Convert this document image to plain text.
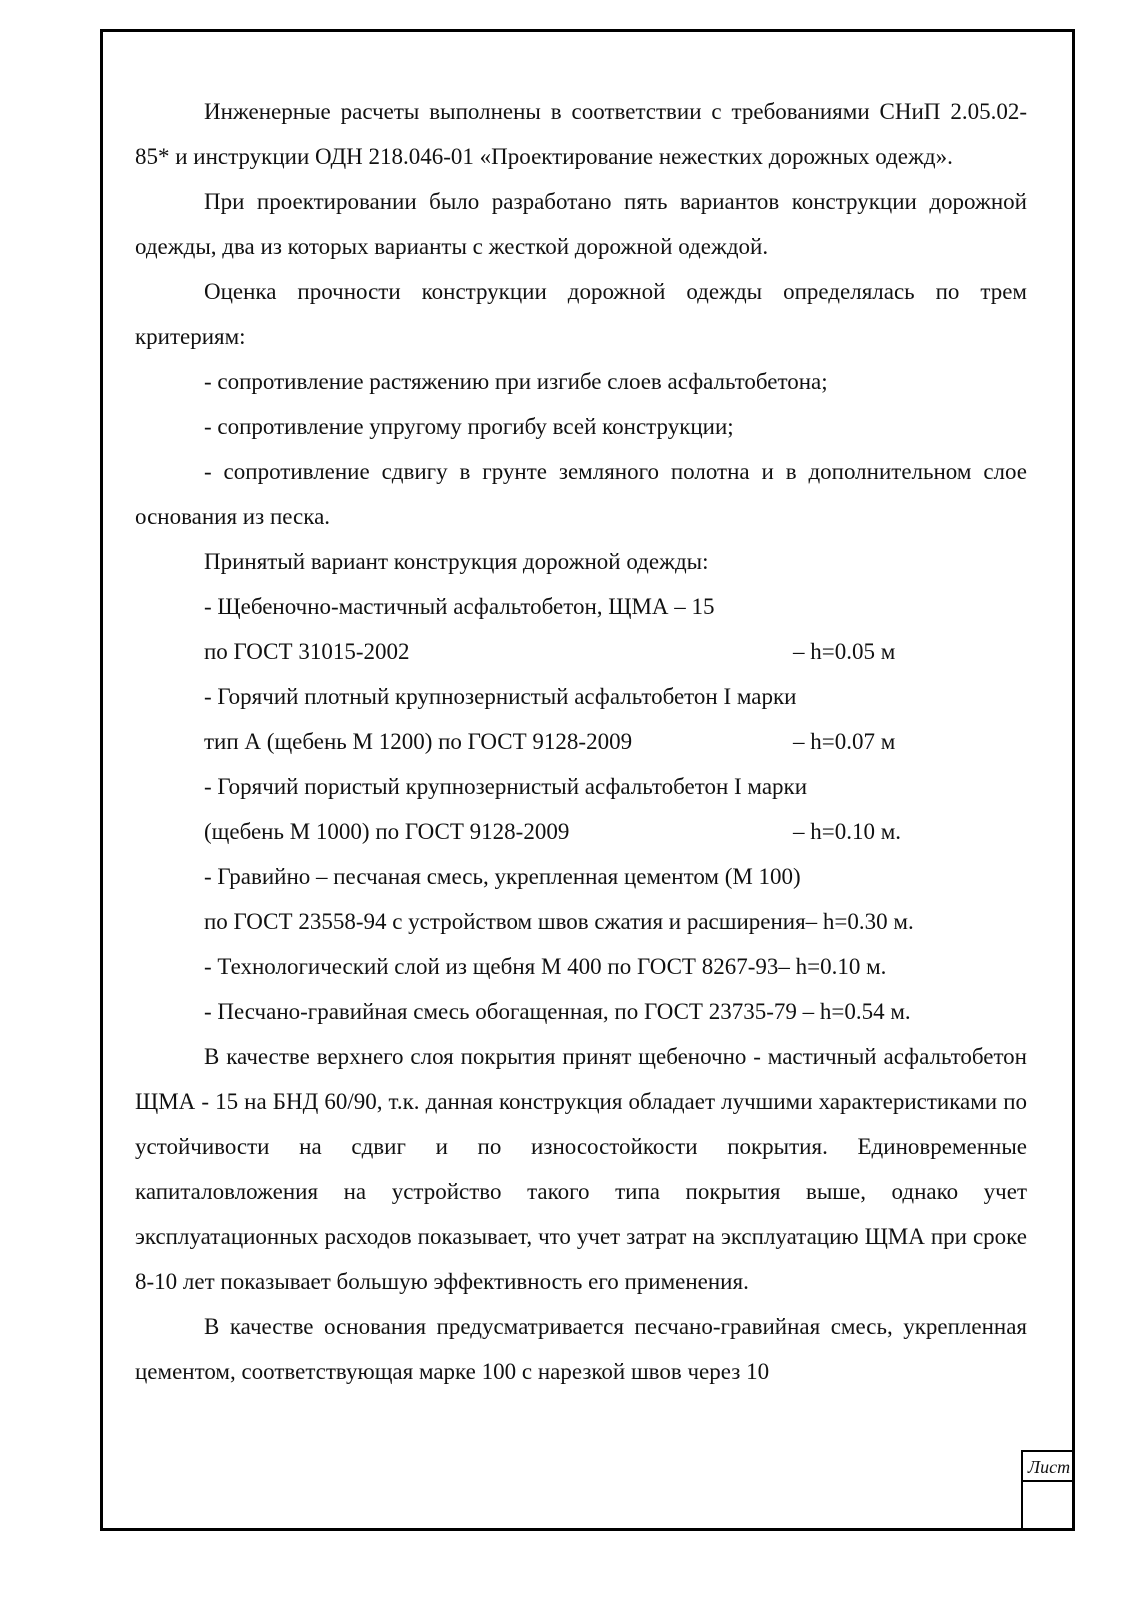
Инженерные расчеты выполнены в соответствии с требованиями СНиП 2.05.02-85* и инструкции ОДН 218.046-01 «Проектирование нежестких дорожных одежд».

При проектировании было разработано пять вариантов конструкции дорожной одежды, два из которых варианты с жесткой дорожной одеждой.

Оценка прочности конструкции дорожной одежды определялась по трем критериям:

- сопротивление растяжению при изгибе слоев асфальтобетона;

- сопротивление упругому прогибу всей конструкции;

- сопротивление сдвигу в грунте земляного полотна и в дополнительном слое основания из песка.

Принятый вариант конструкция дорожной одежды:

- Щебеночно-мастичный асфальтобетон, ЩМА – 15

по ГОСТ 31015-2002	– h=0.05 м

- Горячий плотный крупнозернистый асфальтобетон I марки

тип А (щебень М 1200) по ГОСТ 9128-2009	– h=0.07 м

- Горячий пористый крупнозернистый асфальтобетон I марки

(щебень М 1000) по ГОСТ 9128-2009	– h=0.10 м.

- Гравийно – песчаная смесь, укрепленная цементом (М 100)

по ГОСТ 23558-94 с устройством швов сжатия и расширения– h=0.30 м.

- Технологический слой из щебня М 400 по ГОСТ 8267-93– h=0.10 м.

- Песчано-гравийная смесь обогащенная, по ГОСТ 23735-79 – h=0.54 м.

В качестве верхнего слоя покрытия принят щебеночно - мастичный асфальтобетон ЩМА - 15 на БНД 60/90, т.к. данная конструкция обладает лучшими характеристиками по устойчивости на сдвиг и по износостойкости покрытия. Единовременные капиталовложения на устройство такого типа покрытия выше, однако учет эксплуатационных расходов показывает, что учет затрат на эксплуатацию ЩМА при сроке 8-10 лет показывает большую эффективность его применения.

В качестве основания предусматривается песчано-гравийная смесь, укрепленная цементом, соответствующая марке 100 с нарезкой швов через 10

Лист
